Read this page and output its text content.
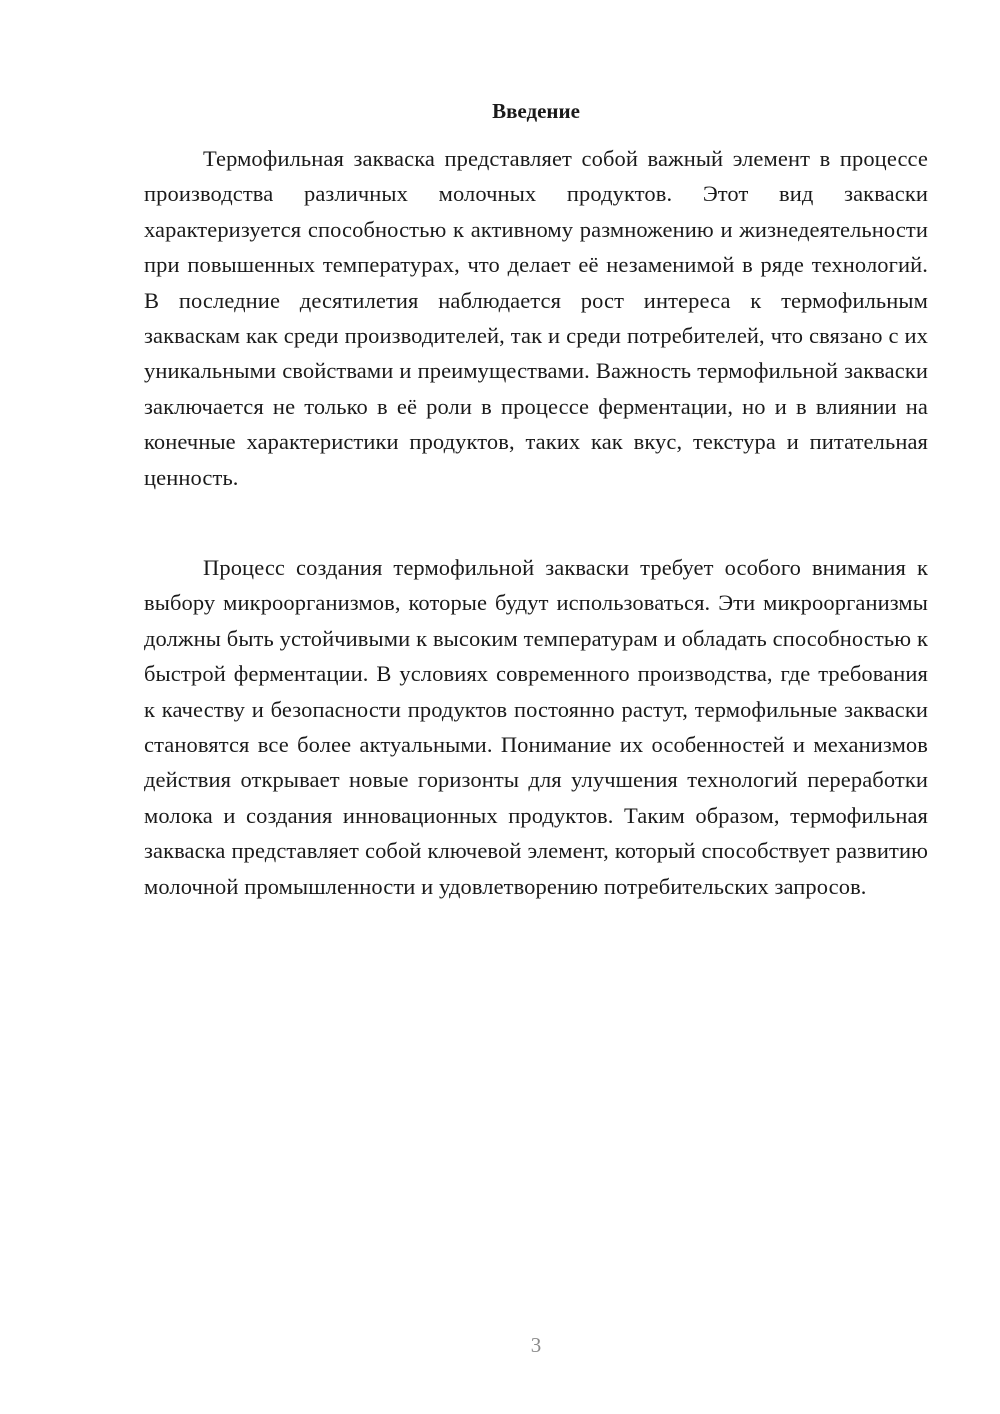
Введение

Термофильная закваска представляет собой важный элемент в процессе производства различных молочных продуктов. Этот вид закваски характеризуется способностью к активному размножению и жизнедеятельности при повышенных температурах, что делает её незаменимой в ряде технологий. В последние десятилетия наблюдается рост интереса к термофильным заквaскам как среди производителей, так и среди потребителей, что связано с их уникальными свойствами и преимуществами. Важность термофильной закваски заключается не только в её роли в процессе ферментации, но и в влиянии на конечные характеристики продуктов, таких как вкус, текстура и питательная ценность.

Процесс создания термофильной закваски требует особого внимания к выбору микроорганизмов, которые будут использоваться. Эти микроорганизмы должны быть устойчивыми к высоким температурам и обладать способностью к быстрой ферментации. В условиях современного производства, где требования к качеству и безопасности продуктов постоянно растут, термофильные закваски становятся все более актуальными. Понимание их особенностей и механизмов действия открывает новые горизонты для улучшения технологий переработки молока и создания инновационных продуктов. Таким образом, термофильная закваска представляет собой ключевой элемент, который способствует развитию молочной промышленности и удовлетворению потребительских запросов.

3
